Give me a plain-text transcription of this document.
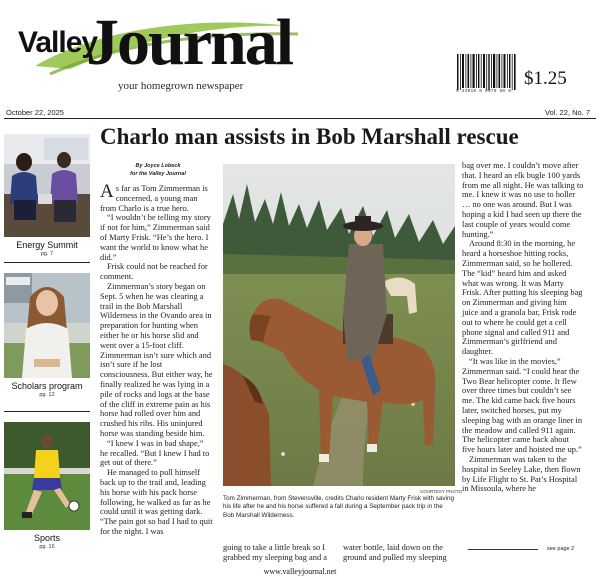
Valley
Journal
your homegrown newspaper	5 44016 0 0070 88 8
$1.25
October 22, 2025	Vol. 22, No. 7
Energy Summit
pg. 7
Scholars program
pg. 12
Sports
pg. 16
Charlo man assists in Bob Marshall rescue
By Joyce Lobeck
for the Valley Journal

As far as Tom Zimmerman is concerned, a young man from Charlo is a true hero.

“I wouldn’t be telling my story if not for him,” Zimmerman said of Marty Frisk. “He’s the hero. I want the world to know what he did.”

Frisk could not be reached for comment.

Zimmerman’s story began on Sept. 5 when he was clearing a trail in the Bob Marshall Wilderness in the Ovando area in preparation for hunting when either he or his horse slid and went over a 15-foot cliff. Zimmerman isn’t sure which and isn’t sure if he lost consciousness. But either way, he finally realized he was lying in a pile of rocks and logs at the base of the cliff in extreme pain as his horse had rolled over him and crushed his ribs. His uninjured horse was standing beside him.

“I knew I was in bad shape,” he recalled. “But I knew I had to get out of there.”

He managed to pull himself back up to the trail and, leading his horse with his pack horse following, he walked as far as he could until it was getting dark. “The pain got so bad I had to quit for the night. I was

COURTESY PHOTO
Tom Zimmerman, from Stevensville, credits Charlo resident Marty Frisk with saving his life after he and his horse suffered a fall during a September pack trip in the Bob Marshall Wilderness.
going to take a little break so I grabbed my sleeping bag and a
water bottle, laid down on the ground and pulled my sleeping

bag over me. I couldn’t move after that. I heard an elk bugle 100 yards from me all night. He was talking to me. I knew it was no use to holler … no one was around. But I was hoping a kid I had seen up there the last couple of years would come hunting.”

Around 8:30 in the morning, he heard a horseshoe hitting rocks, Zimmerman said, so he hollered. The “kid” heard him and asked what was wrong. It was Marty Frisk. After putting his sleeping bag on Zimmerman and giving him juice and a granola bar, Frisk rode out to where he could get a cell phone signal and called 911 and Zimmerman’s girlfriend and daughter.

“It was like in the movies,” Zimmerman said. “I could hear the Two Bear helicopter come. It flew over three times but couldn’t see me. The kid came back five hours later, switched horses, put my sleeping bag with an orange liner in the meadow and called 911 again. The helicopter came back about five hours later and hoisted me up.”

Zimmerman was taken to the hospital in Seeley Lake, then flown by Life Flight to St. Pat’s Hospital in Missoula, where he

see page 2
www.valleyjournal.net
